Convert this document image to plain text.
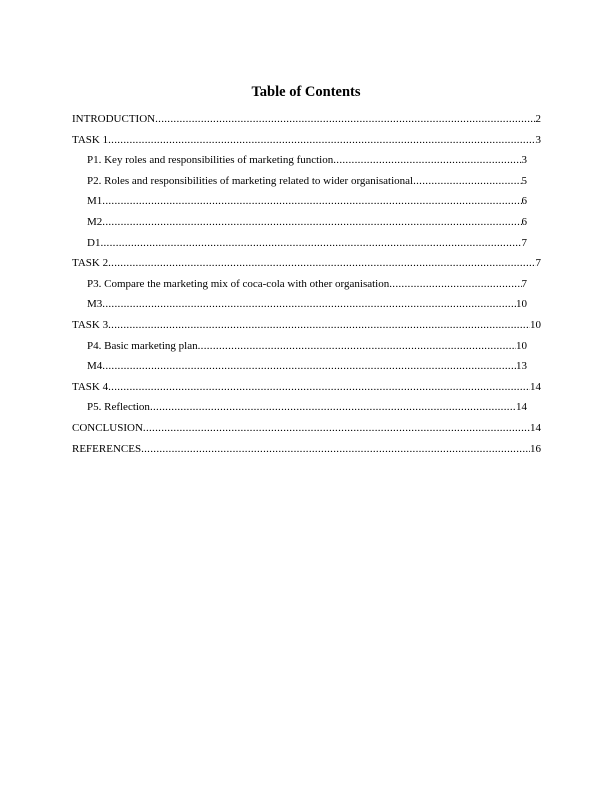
Table of Contents
INTRODUCTION .....	2
TASK 1 .....	3
P1. Key roles and responsibilities of marketing function .....	3
P2. Roles and responsibilities of marketing related to wider organisational .....	5
M1 .....	6
M2 .....	6
D1 .....	7
TASK 2 .....	7
P3. Compare the marketing mix of coca-cola with other organisation .....	7
M3 .....	10
TASK 3 .....	10
P4. Basic marketing plan .....	10
M4 .....	13
TASK 4 .....	14
P5. Reflection .....	14
CONCLUSION .....	14
REFERENCES .....	16
